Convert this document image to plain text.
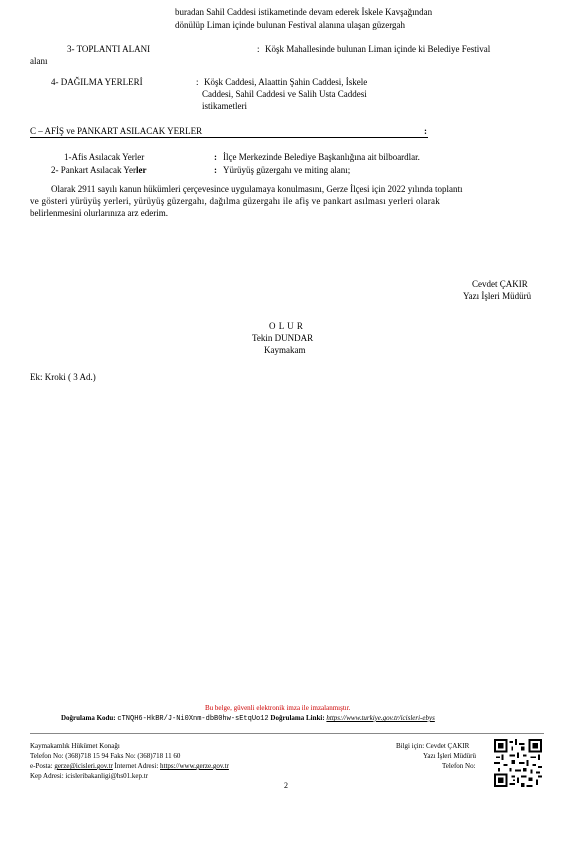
buradan Sahil Caddesi istikametinde devam ederek İskele Kavşağından
dönülüp Liman içinde bulunan Festival alanına ulaşan güzergah
3- TOPLANTI ALANI	: Köşk Mahallesinde bulunan Liman içinde ki Belediye Festival
alanı
4- DAĞILMA YERLERİ	: Köşk Caddesi, Alaattin Şahin Caddesi, İskele
Caddesi, Sahil Caddesi ve Salih Usta Caddesi
istikametleri
C – AFİŞ ve PANKART ASILACAK YERLER	:
1-Afis Asılacak Yerler	: İlçe Merkezinde Belediye Başkanlığına ait bilboardlar.
2- Pankart Asılacak Yerler	: Yürüyüş güzergahı ve miting alanı;
Olarak 2911 sayılı kanun hükümleri çerçevesince uygulamaya konulmasını, Gerze İlçesi için 2022 yılında toplantı
ve gösteri yürüyüş yerleri, yürüyüş güzergahı, dağılma güzergahı ile afiş ve pankart asılması yerleri olarak
belirlenmesini olurlarınıza arz ederim.
Cevdet ÇAKIR
Yazı İşleri Müdürü
O L U R
Tekin DUNDAR
Kaymakam
Ek: Kroki ( 3 Ad.)
Bu belge, güvenli elektronik imza ile imzalanmıştır.
Doğrulama Kodu: cTNQH6-HkBR/J-Ni0Xnm-dbB0hw-sEtqUo12 Doğrulama Linki: https://www.turkiye.gov.tr/icisleri-ebys
Kaymakamlık Hükümet Konağı
Telefon No: (368)718 15 94 Faks No: (368)718 11 60
e-Posta: gerze@icisleri.gov.tr İnternet Adresi: https://www.gerze.gov.tr
Kep Adresi: icisleribakanligi@hs01.kep.tr
Bilgi için: Cevdet ÇAKIR
Yazı İşleri Müdürü
Telefon No:
2
